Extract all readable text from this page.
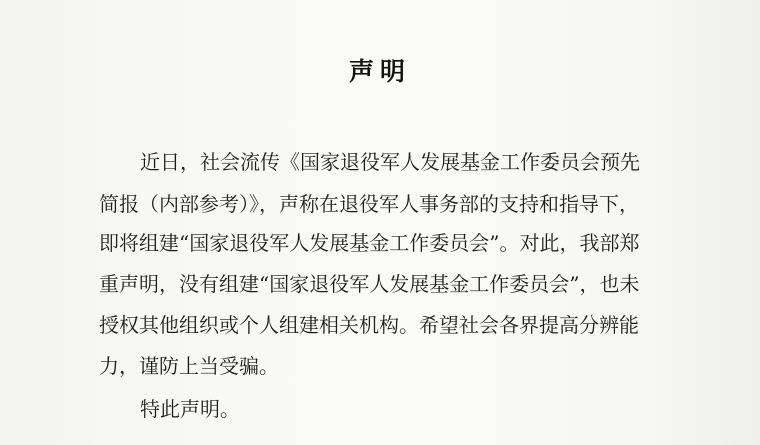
声明
近日，社会流传《国家退役军人发展基金工作委员会预先
简报（内部参考）》，声称在退役军人事务部的支持和指导下，
即将组建“国家退役军人发展基金工作委员会”。对此，我部郑
重声明，没有组建“国家退役军人发展基金工作委员会”，也未
授权其他组织或个人组建相关机构。希望社会各界提高分辨能
力，谨防上当受骗。
特此声明。
